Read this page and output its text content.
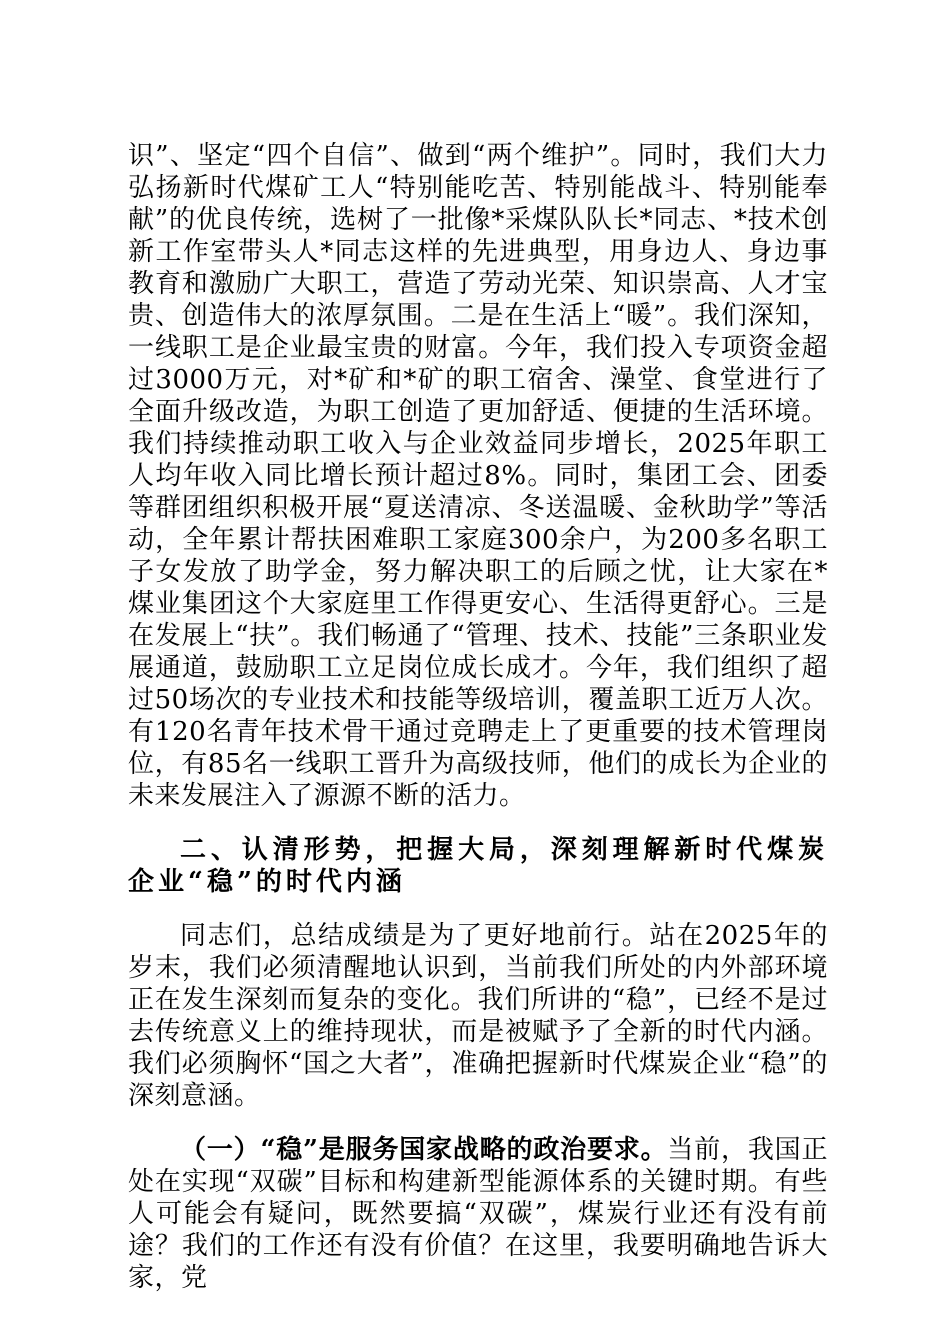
识”、坚定“四个自信”、做到“两个维护”。同时，我们大力弘扬新时代煤矿工人“特别能吃苦、特别能战斗、特别能奉献”的优良传统，选树了一批像*采煤队队长*同志、*技术创新工作室带头人*同志这样的先进典型，用身边人、身边事教育和激励广大职工，营造了劳动光荣、知识崇高、人才宝贵、创造伟大的浓厚氛围。二是在生活上“暖”。我们深知，一线职工是企业最宝贵的财富。今年，我们投入专项资金超过3000万元，对*矿和*矿的职工宿舍、澡堂、食堂进行了全面升级改造，为职工创造了更加舒适、便捷的生活环境。我们持续推动职工收入与企业效益同步增长，2025年职工人均年收入同比增长预计超过8%。同时，集团工会、团委等群团组织积极开展“夏送清凉、冬送温暖、金秋助学”等活动，全年累计帮扶困难职工家庭300余户，为200多名职工子女发放了助学金，努力解决职工的后顾之忧，让大家在*煤业集团这个大家庭里工作得更安心、生活得更舒心。三是在发展上“扶”。我们畅通了“管理、技术、技能”三条职业发展通道，鼓励职工立足岗位成长成才。今年，我们组织了超过50场次的专业技术和技能等级培训，覆盖职工近万人次。有120名青年技术骨干通过竞聘走上了更重要的技术管理岗位，有85名一线职工晋升为高级技师，他们的成长为企业的未来发展注入了源源不断的活力。

二、认清形势，把握大局，深刻理解新时代煤炭企业“稳”的时代内涵

同志们，总结成绩是为了更好地前行。站在2025年的岁末，我们必须清醒地认识到，当前我们所处的内外部环境正在发生深刻而复杂的变化。我们所讲的“稳”，已经不是过去传统意义上的维持现状，而是被赋予了全新的时代内涵。我们必须胸怀“国之大者”，准确把握新时代煤炭企业“稳”的深刻意涵。

（一）“稳”是服务国家战略的政治要求。当前，我国正处在实现“双碳”目标和构建新型能源体系的关键时期。有些人可能会有疑问，既然要搞“双碳”，煤炭行业还有没有前途？我们的工作还有没有价值？在这里，我要明确地告诉大家，党
